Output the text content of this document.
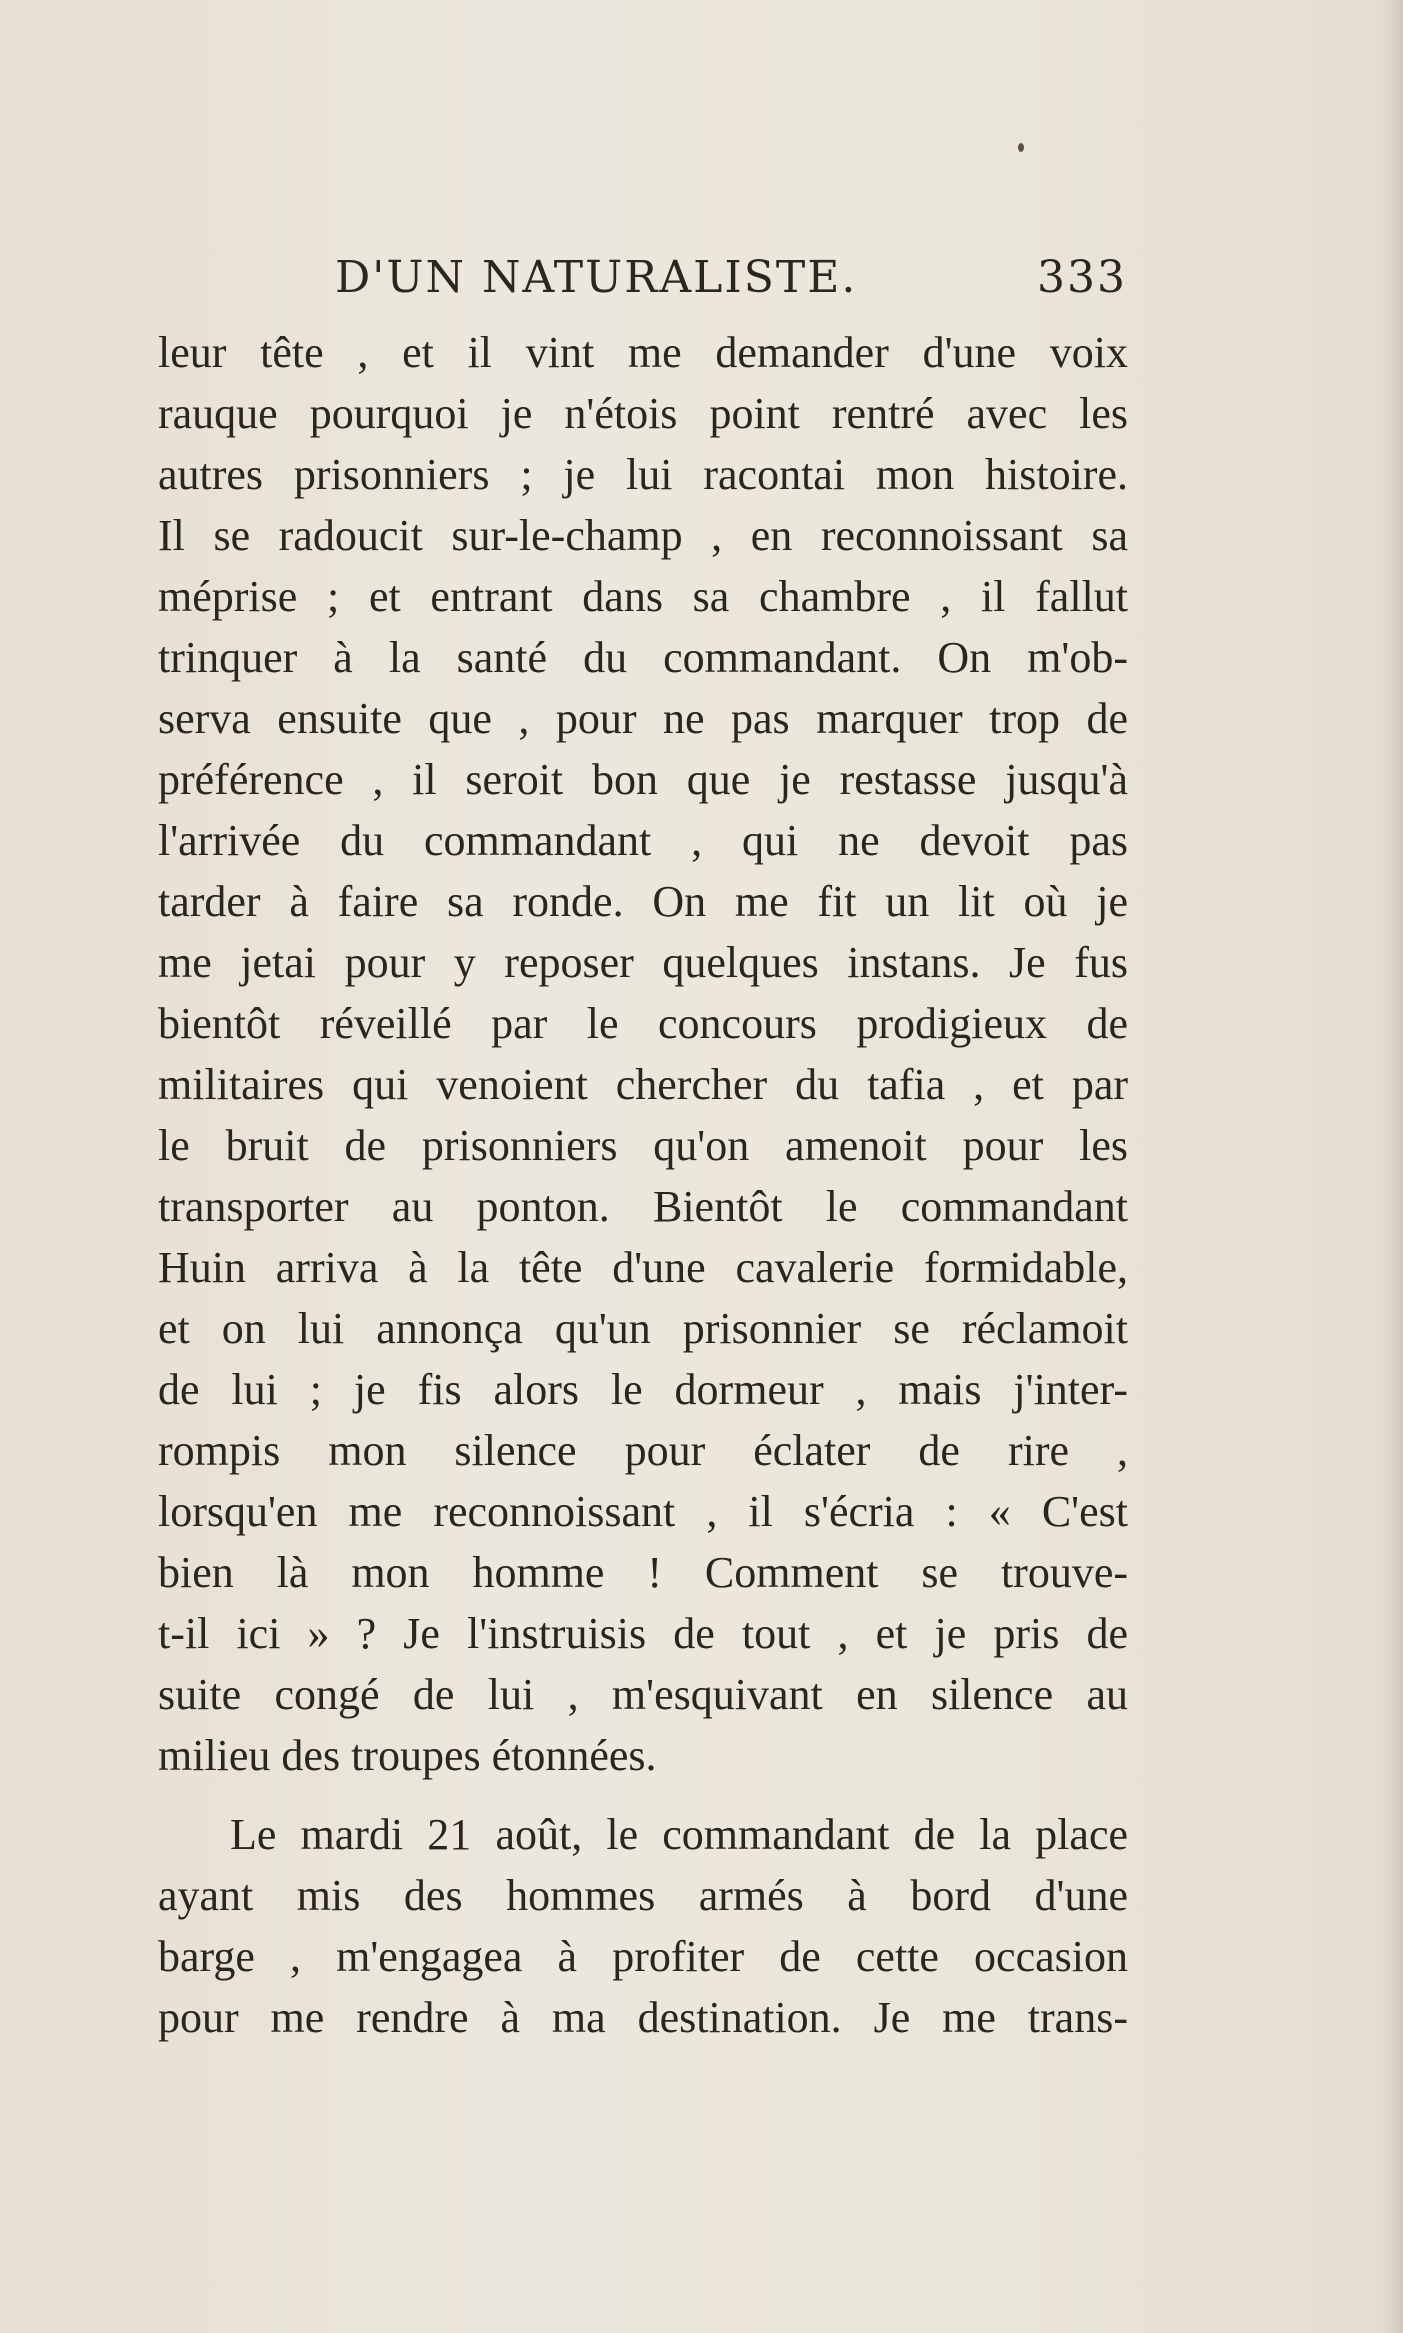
D'UN NATURALISTE.	333
leur tête , et il vint me demander d'une voix
rauque pourquoi je n'étois point rentré avec les
autres prisonniers ; je lui racontai mon histoire.
Il se radoucit sur-le-champ , en reconnoissant sa
méprise ; et entrant dans sa chambre , il fallut
trinquer à la santé du commandant. On m'ob-
serva ensuite que , pour ne pas marquer trop de
préférence , il seroit bon que je restasse jusqu'à
l'arrivée du commandant , qui ne devoit pas
tarder à faire sa ronde. On me fit un lit où je
me jetai pour y reposer quelques instans. Je fus
bientôt réveillé par le concours prodigieux de
militaires qui venoient chercher du tafia , et par
le bruit de prisonniers qu'on amenoit pour les
transporter au ponton. Bientôt le commandant
Huin arriva à la tête d'une cavalerie formidable,
et on lui annonça qu'un prisonnier se réclamoit
de lui ; je fis alors le dormeur , mais j'inter-
rompis mon silence pour éclater de rire ,
lorsqu'en me reconnoissant , il s'écria : « C'est
bien là mon homme ! Comment se trouve-
t-il ici » ? Je l'instruisis de tout , et je pris de
suite congé de lui , m'esquivant en silence au
milieu des troupes étonnées.
Le mardi 21 août, le commandant de la place
ayant mis des hommes armés à bord d'une
barge , m'engagea à profiter de cette occasion
pour me rendre à ma destination. Je me trans-
